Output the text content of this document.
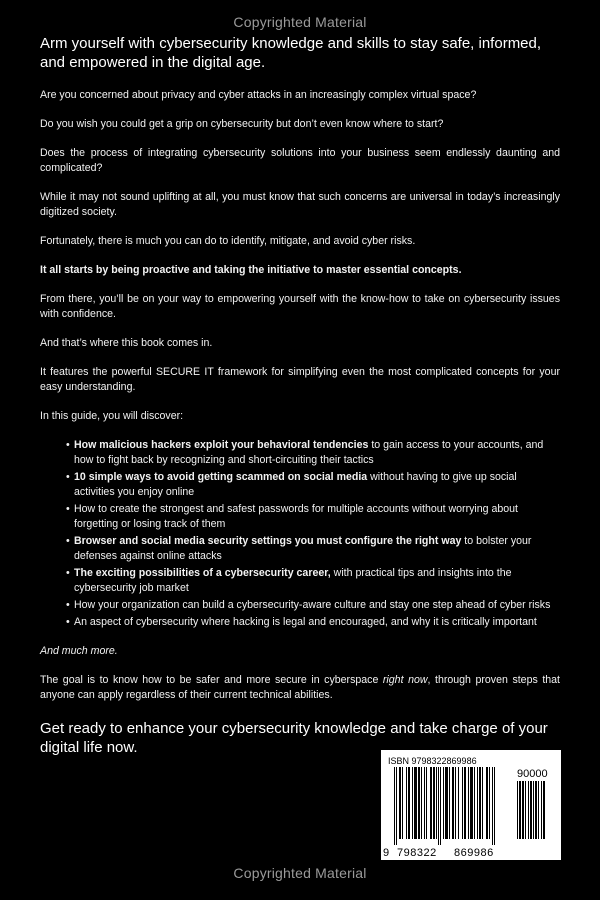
Copyrighted Material

Arm yourself with cybersecurity knowledge and skills to stay safe, informed, and empowered in the digital age.

Are you concerned about privacy and cyber attacks in an increasingly complex virtual space?

Do you wish you could get a grip on cybersecurity but don’t even know where to start?

Does the process of integrating cybersecurity solutions into your business seem endlessly daunting and complicated?

While it may not sound uplifting at all, you must know that such concerns are universal in today’s increasingly digitized society.

Fortunately, there is much you can do to identify, mitigate, and avoid cyber risks.

It all starts by being proactive and taking the initiative to master essential concepts.

From there, you’ll be on your way to empowering yourself with the know-how to take on cybersecurity issues with confidence.

And that’s where this book comes in.

It features the powerful SECURE IT framework for simplifying even the most complicated concepts for your easy understanding.

In this guide, you will discover:

• How malicious hackers exploit your behavioral tendencies to gain access to your accounts, and how to fight back by recognizing and short-circuiting their tactics
• 10 simple ways to avoid getting scammed on social media without having to give up social activities you enjoy online
• How to create the strongest and safest passwords for multiple accounts without worrying about forgetting or losing track of them
• Browser and social media security settings you must configure the right way to bolster your defenses against online attacks
• The exciting possibilities of a cybersecurity career, with practical tips and insights into the cybersecurity job market
• How your organization can build a cybersecurity-aware culture and stay one step ahead of cyber risks
• An aspect of cybersecurity where hacking is legal and encouraged, and why it is critically important

And much more.

The goal is to know how to be safer and more secure in cyberspace right now, through proven steps that anyone can apply regardless of their current technical abilities.

Get ready to enhance your cybersecurity knowledge and take charge of your digital life now.

ISBN 9798322869986
90000
9 798322 869986
Copyrighted Material
